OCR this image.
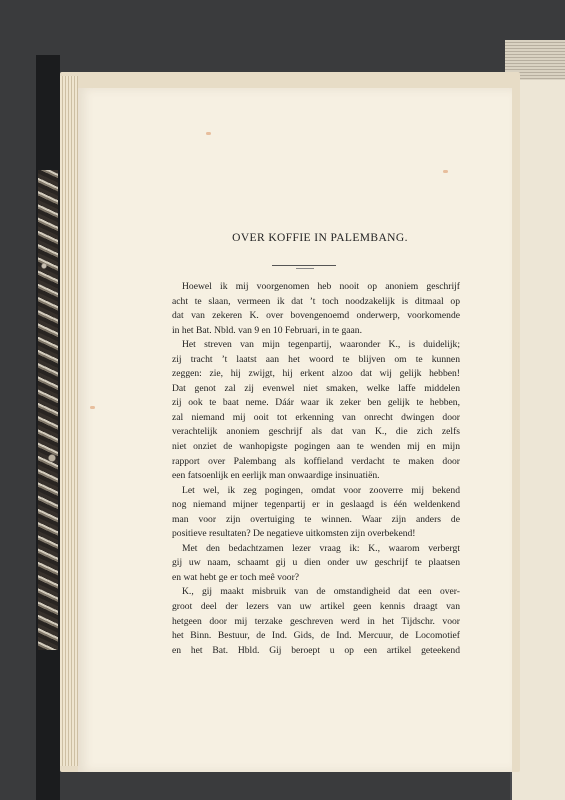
OVER KOFFIE IN PALEMBANG.
Hoewel ik mij voorgenomen heb nooit op anoniem geschrijf
acht te slaan, vermeen ik dat ’t toch noodzakelijk is ditmaal op
dat van zekeren K. over bovengenoemd onderwerp, voorkomende
in het Bat. Nbld. van 9 en 10 Februari, in te gaan.
Het streven van mijn tegenpartij, waaronder K., is duidelijk;
zij tracht ’t laatst aan het woord te blijven om te kunnen
zeggen: zie, hij zwijgt, hij erkent alzoo dat wij gelijk hebben!
Dat genot zal zij evenwel niet smaken, welke laffe middelen
zij ook te baat neme. Dáár waar ik zeker ben gelijk te hebben,
zal niemand mij ooit tot erkenning van onrecht dwingen door
verachtelijk anoniem geschrijf als dat van K., die zich zelfs
niet onziet de wanhopigste pogingen aan te wenden mij en mijn
rapport over Palembang als koffieland verdacht te maken door
een fatsoenlijk en eerlijk man onwaardige insinuatiën.
Let wel, ik zeg pogingen, omdat voor zooverre mij bekend
nog niemand mijner tegenpartij er in geslaagd is één weldenkend
man voor zijn overtuiging te winnen. Waar zijn anders de
positieve resultaten? De negatieve uitkomsten zijn overbekend!
Met den bedachtzamen lezer vraag ik: K., waarom verbergt
gij uw naam, schaamt gij u dien onder uw geschrijf te plaatsen
en wat hebt ge er toch meê voor?
K., gij maakt misbruik van de omstandigheid dat een over-
groot deel der lezers van uw artikel geen kennis draagt van
hetgeen door mij terzake geschreven werd in het Tijdschr. voor
het Binn. Bestuur, de Ind. Gids, de Ind. Mercuur, de Locomotief
en het Bat. Hbld. Gij beroept u op een artikel geteekend
